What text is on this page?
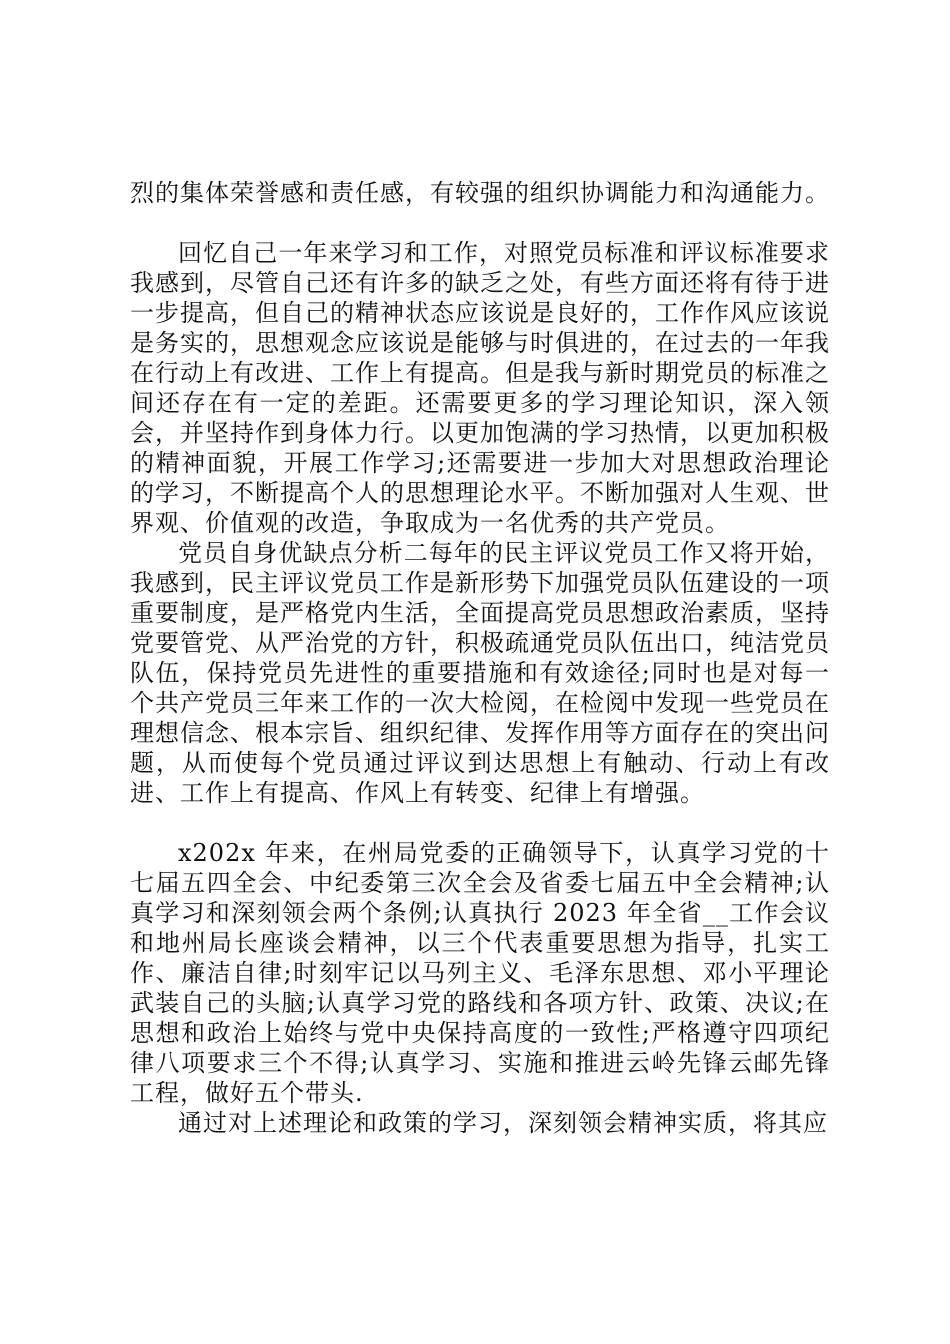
烈的集体荣誉感和责任感，有较强的组织协调能力和沟通能力。

回忆自己一年来学习和工作，对照党员标准和评议标准要求我感到，尽管自己还有许多的缺乏之处，有些方面还将有待于进一步提高，但自己的精神状态应该说是良好的，工作作风应该说是务实的，思想观念应该说是能够与时俱进的，在过去的一年我在行动上有改进、工作上有提高。但是我与新时期党员的标准之间还存在有一定的差距。还需要更多的学习理论知识，深入领会，并坚持作到身体力行。以更加饱满的学习热情，以更加积极的精神面貌，开展工作学习;还需要进一步加大对思想政治理论的学习，不断提高个人的思想理论水平。不断加强对人生观、世界观、价值观的改造，争取成为一名优秀的共产党员。

党员自身优缺点分析二每年的民主评议党员工作又将开始，我感到，民主评议党员工作是新形势下加强党员队伍建设的一项重要制度，是严格党内生活，全面提高党员思想政治素质，坚持党要管党、从严治党的方针，积极疏通党员队伍出口，纯洁党员队伍，保持党员先进性的重要措施和有效途径;同时也是对每一个共产党员三年来工作的一次大检阅，在检阅中发现一些党员在理想信念、根本宗旨、组织纪律、发挥作用等方面存在的突出问题，从而使每个党员通过评议到达思想上有触动、行动上有改进、工作上有提高、作风上有转变、纪律上有增强。

x202x 年来，在州局党委的正确领导下，认真学习党的十七届五四全会、中纪委第三次全会及省委七届五中全会精神;认真学习和深刻领会两个条例;认真执行 2023 年全省__工作会议和地州局长座谈会精神，以三个代表重要思想为指导，扎实工作、廉洁自律;时刻牢记以马列主义、毛泽东思想、邓小平理论武装自己的头脑;认真学习党的路线和各项方针、政策、决议;在思想和政治上始终与党中央保持高度的一致性;严格遵守四项纪律八项要求三个不得;认真学习、实施和推进云岭先锋云邮先锋工程，做好五个带头.

通过对上述理论和政策的学习，深刻领会精神实质，将其应
